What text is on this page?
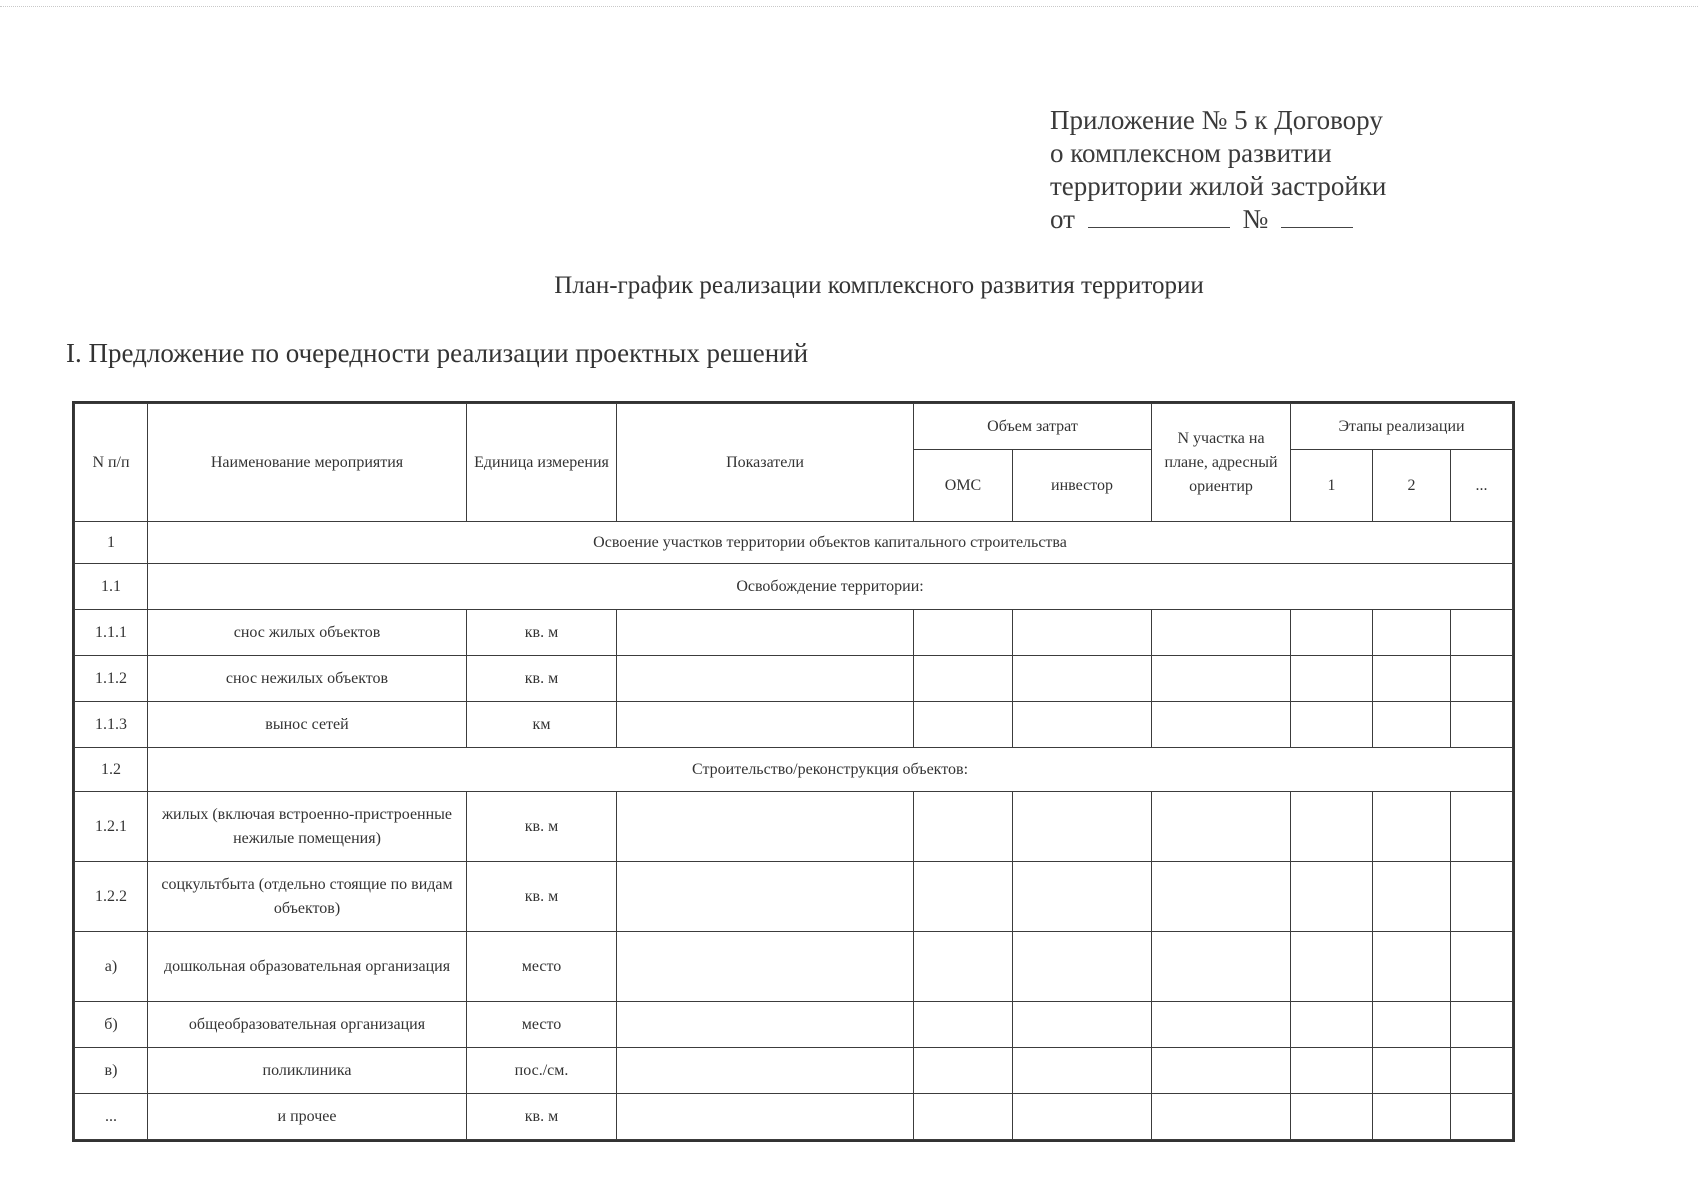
Приложение № 5 к Договору
о комплексном развитии
территории жилой застройки
от	№
План-график реализации комплексного развития территории
I. Предложение по очередности реализации проектных решений
N п/п	Наименование мероприятия	Единица измерения	Показатели	Объем затрат		N участка на плане, адресный ориентир	Этапы реализации		
				ОМС	инвестор		1	2	...
1	Освоение участков территории объектов капитального строительства								
1.1	Освобождение территории:								
1.1.1	снос жилых объектов	кв. м							
1.1.2	снос нежилых объектов	кв. м							
1.1.3	вынос сетей	км							
1.2	Строительство/реконструкция объектов:								
1.2.1	жилых (включая встроенно-пристроенные нежилые помещения)	кв. м							
1.2.2	соцкультбыта (отдельно стоящие по видам объектов)	кв. м							
а)	дошкольная образовательная организация	место							
б)	общеобразовательная организация	место							
в)	поликлиника	пос./см.							
...	и прочее	кв. м							
